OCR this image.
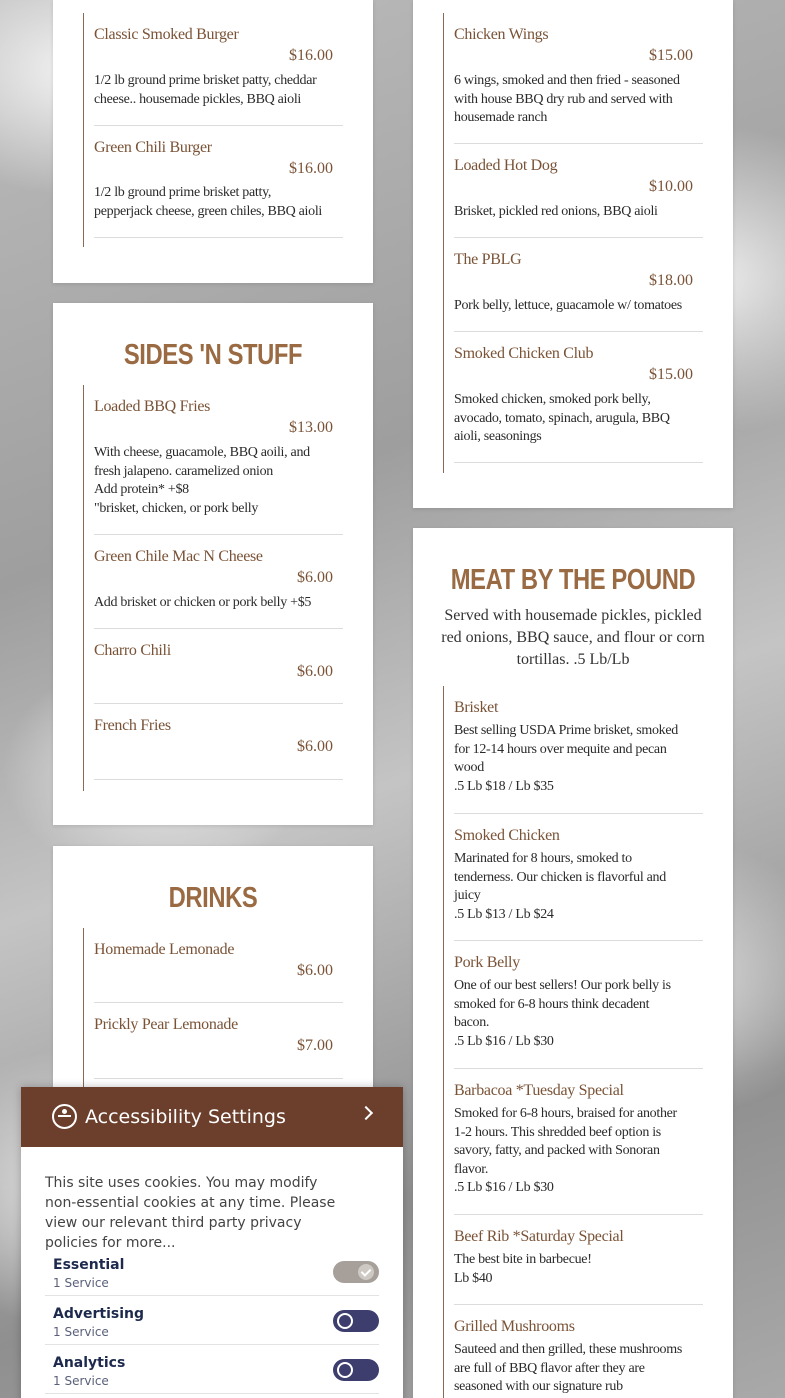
Classic Smoked Burger
$16.00
1/2 lb ground prime brisket patty, cheddar
cheese.. housemade pickles, BBQ aioli
Green Chili Burger
$16.00
1/2 lb ground prime brisket patty,
pepperjack cheese, green chiles, BBQ aioli
SIDES 'N STUFF
Loaded BBQ Fries
$13.00
With cheese, guacamole, BBQ aoili, and
fresh jalapeno. caramelized onion
Add protein* +$8
"brisket, chicken, or pork belly
Green Chile Mac N Cheese
$6.00
Add brisket or chicken or pork belly +$5
Charro Chili
$6.00
French Fries
$6.00
DRINKS
Homemade Lemonade
$6.00
Prickly Pear Lemonade
$7.00
Chicken Wings
$15.00
6 wings, smoked and then fried - seasoned
with house BBQ dry rub and served with
housemade ranch
Loaded Hot Dog
$10.00
Brisket, pickled red onions, BBQ aioli
The PBLG
$18.00
Pork belly, lettuce, guacamole w/ tomatoes
Smoked Chicken Club
$15.00
Smoked chicken, smoked pork belly,
avocado, tomato, spinach, arugula, BBQ
aioli, seasonings
MEAT BY THE POUND
Served with housemade pickles, pickled red onions, BBQ sauce, and flour or corn tortillas. .5 Lb/Lb
Brisket
Best selling USDA Prime brisket, smoked
for 12-14 hours over mequite and pecan
wood
.5 Lb $18 / Lb $35
Smoked Chicken
Marinated for 8 hours, smoked to
tenderness. Our chicken is flavorful and
juicy
.5 Lb $13 / Lb $24
Pork Belly
One of our best sellers! Our pork belly is
smoked for 6-8 hours think decadent
bacon.
.5 Lb $16 / Lb $30
Barbacoa *Tuesday Special
Smoked for 6-8 hours, braised for another
1-2 hours. This shredded beef option is
savory, fatty, and packed with Sonoran
flavor.
.5 Lb $16 / Lb $30
Beef Rib *Saturday Special
The best bite in barbecue!
Lb $40
Grilled Mushrooms
Sauteed and then grilled, these mushrooms
are full of BBQ flavor after they are
seasoned with our signature rub
Accessibility Settings
This site uses cookies. You may modify non-essential cookies at any time. Please view our relevant third party privacy policies for more...
Essential
1 Service
Advertising
1 Service
Analytics
1 Service
